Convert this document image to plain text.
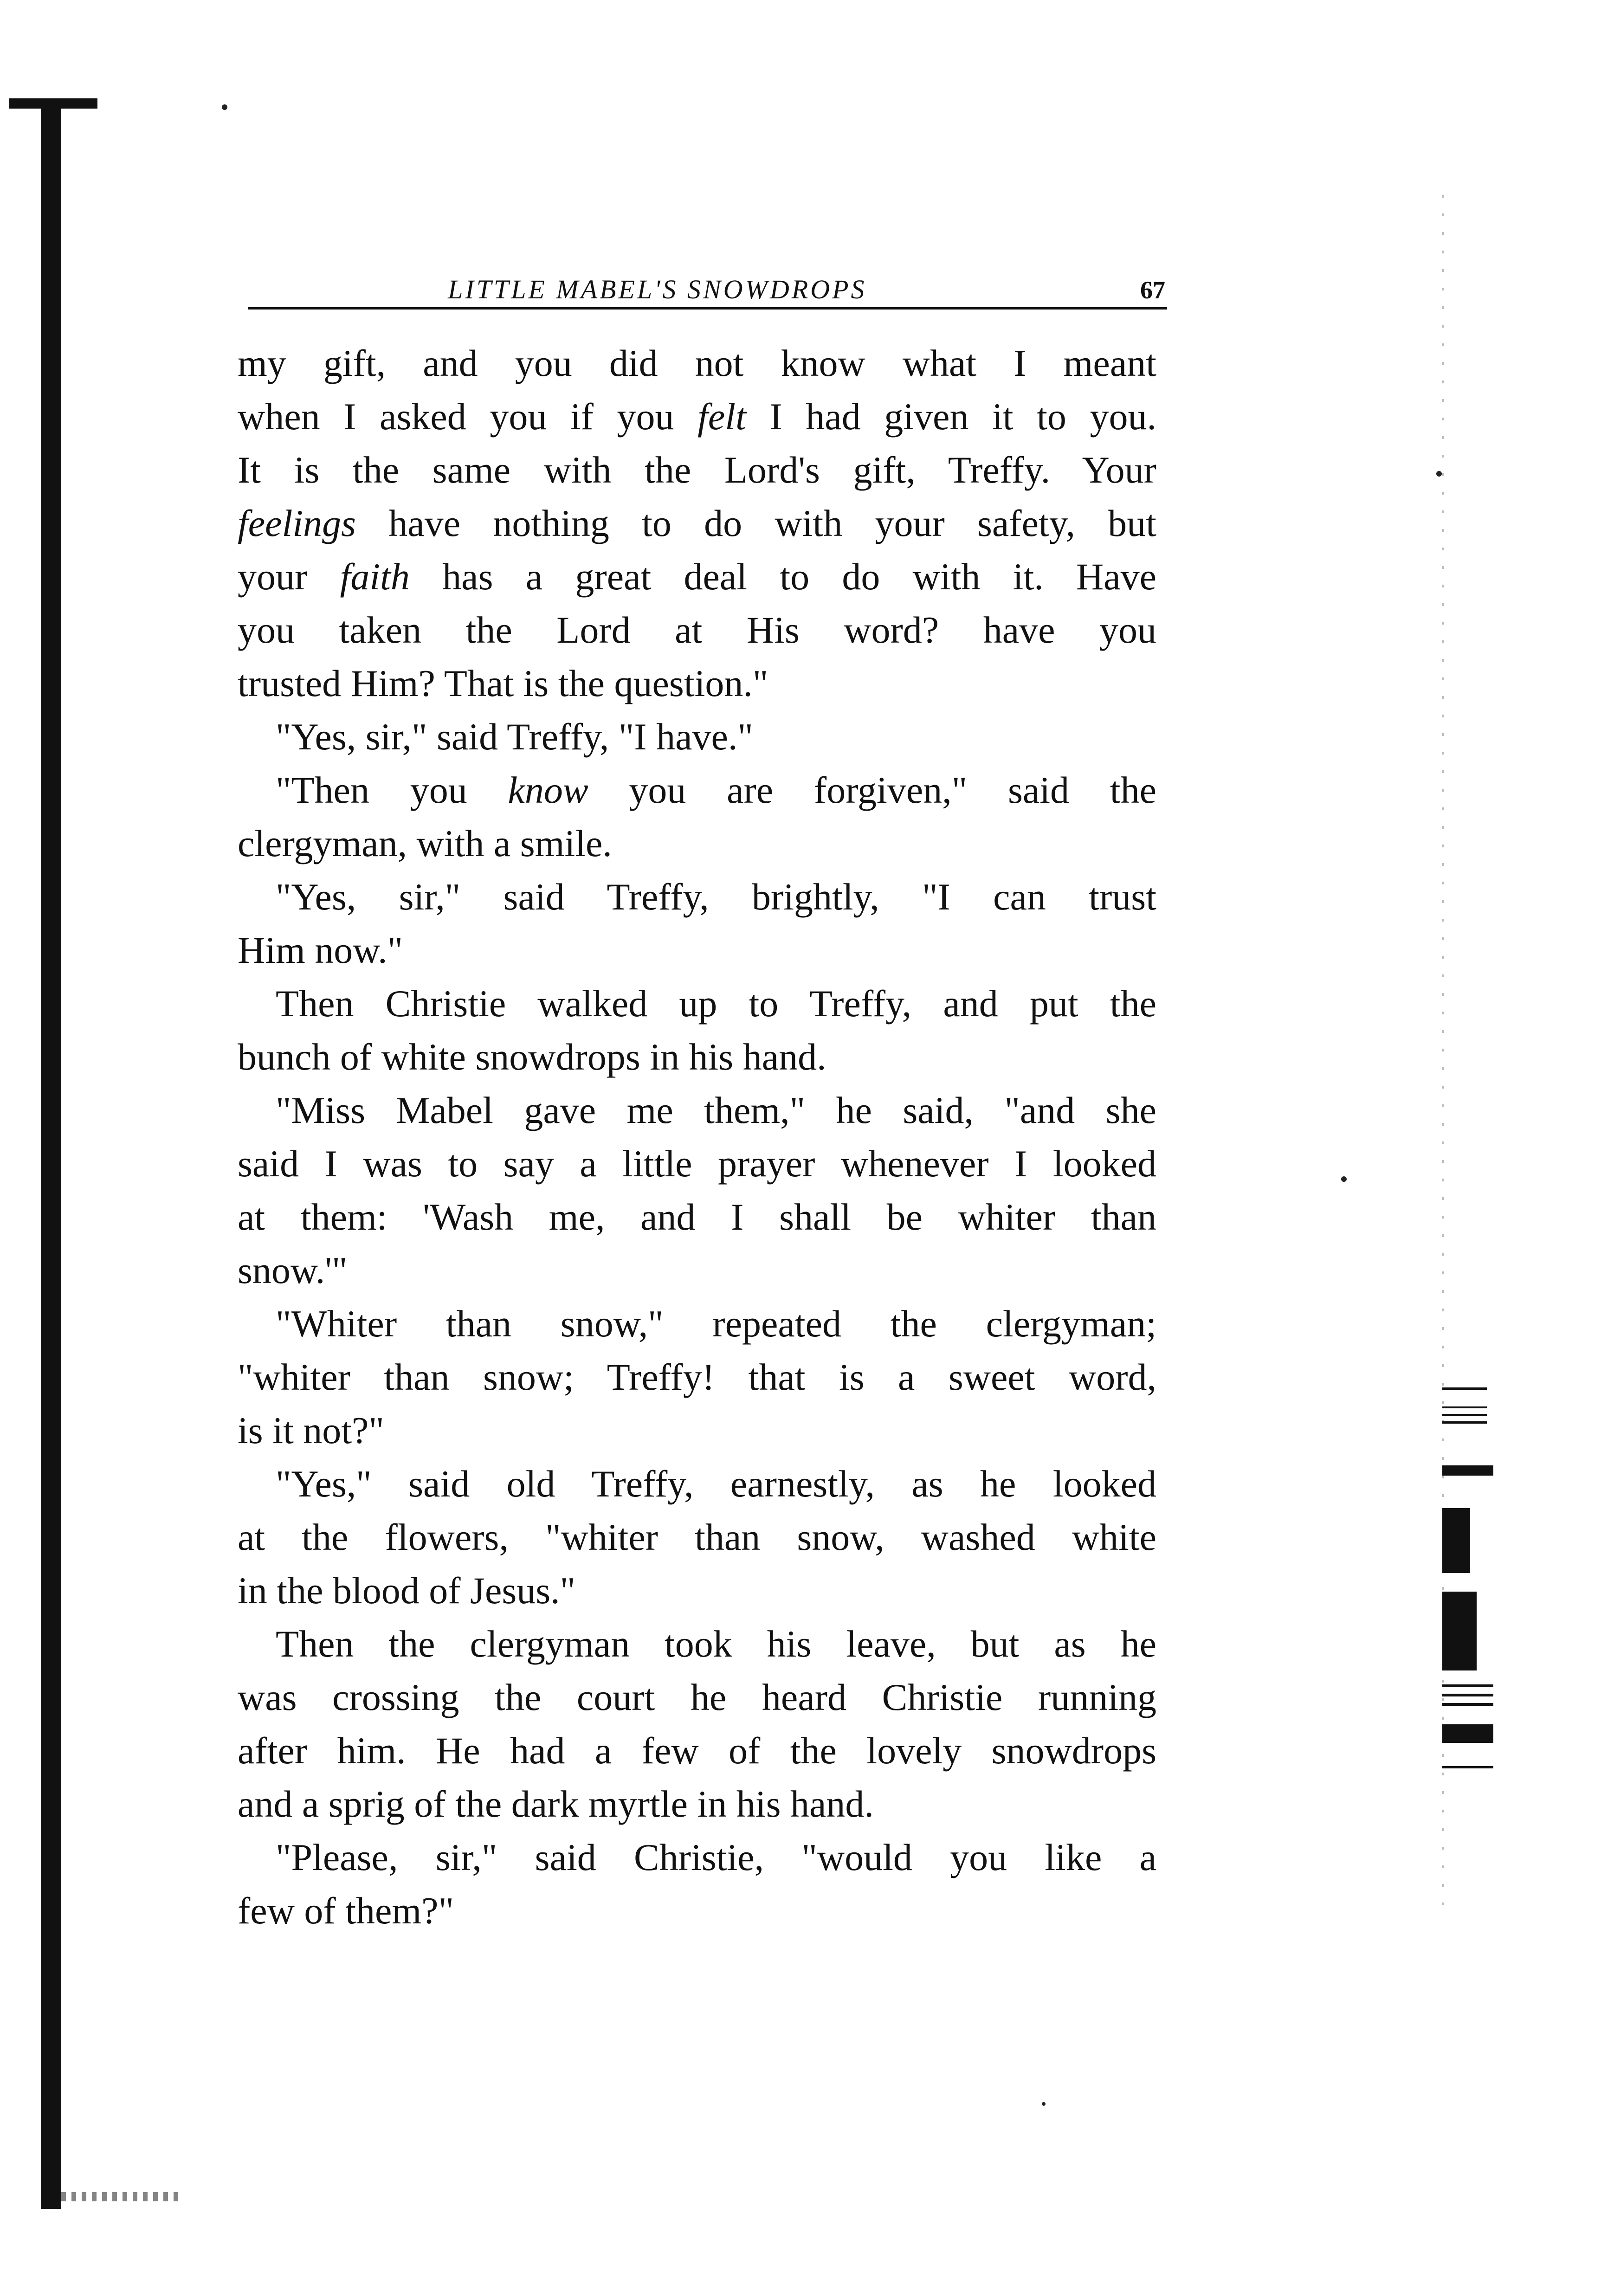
LITTLE MABEL'S SNOWDROPS	67
my gift, and you did not know what I meant
when I asked you if you felt I had given it to you.
It is the same with the Lord's gift, Treffy. Your
feelings have nothing to do with your safety, but
your faith has a great deal to do with it. Have
you taken the Lord at His word? have you
trusted Him? That is the question."
"Yes, sir," said Treffy, "I have."
"Then you know you are forgiven," said the
clergyman, with a smile.
"Yes, sir," said Treffy, brightly, "I can trust
Him now."
Then Christie walked up to Treffy, and put the
bunch of white snowdrops in his hand.
"Miss Mabel gave me them," he said, "and she
said I was to say a little prayer whenever I looked
at them: 'Wash me, and I shall be whiter than
snow.'"
"Whiter than snow," repeated the clergyman;
"whiter than snow; Treffy! that is a sweet word,
is it not?"
"Yes," said old Treffy, earnestly, as he looked
at the flowers, "whiter than snow, washed white
in the blood of Jesus."
Then the clergyman took his leave, but as he
was crossing the court he heard Christie running
after him. He had a few of the lovely snowdrops
and a sprig of the dark myrtle in his hand.
"Please, sir," said Christie, "would you like a
few of them?"
